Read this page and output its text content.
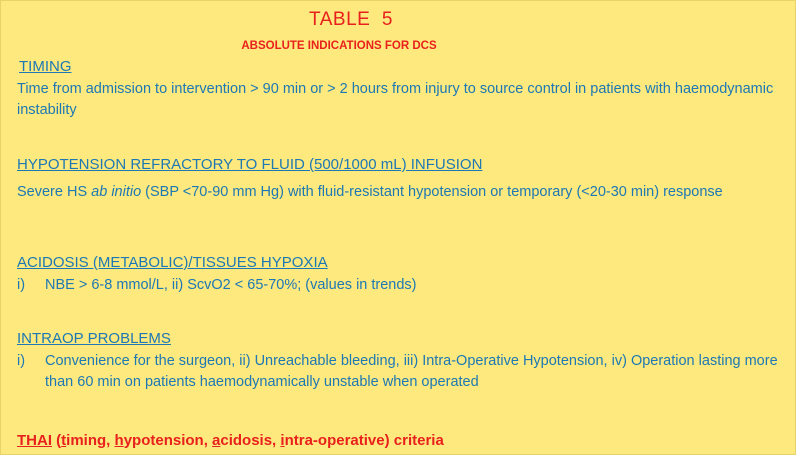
TABLE  5
ABSOLUTE INDICATIONS FOR DCS
TIMING
Time from admission to intervention > 90 min or > 2 hours from injury to source control in patients with haemodynamic instability
HYPOTENSION REFRACTORY TO FLUID (500/1000 mL) INFUSION
Severe HS ab initio (SBP <70-90 mm Hg) with fluid-resistant hypotension or temporary (<20-30 min) response
ACIDOSIS (METABOLIC)/TISSUES HYPOXIA
i)	NBE > 6-8 mmol/L, ii) ScvO2 < 65-70%; (values in trends)
INTRAOP PROBLEMS
i)	Convenience for the surgeon, ii) Unreachable bleeding, iii) Intra-Operative Hypotension, iv) Operation lasting more than 60 min on patients haemodynamically unstable when operated
THAI (timing, hypotension, acidosis, intra-operative) criteria
